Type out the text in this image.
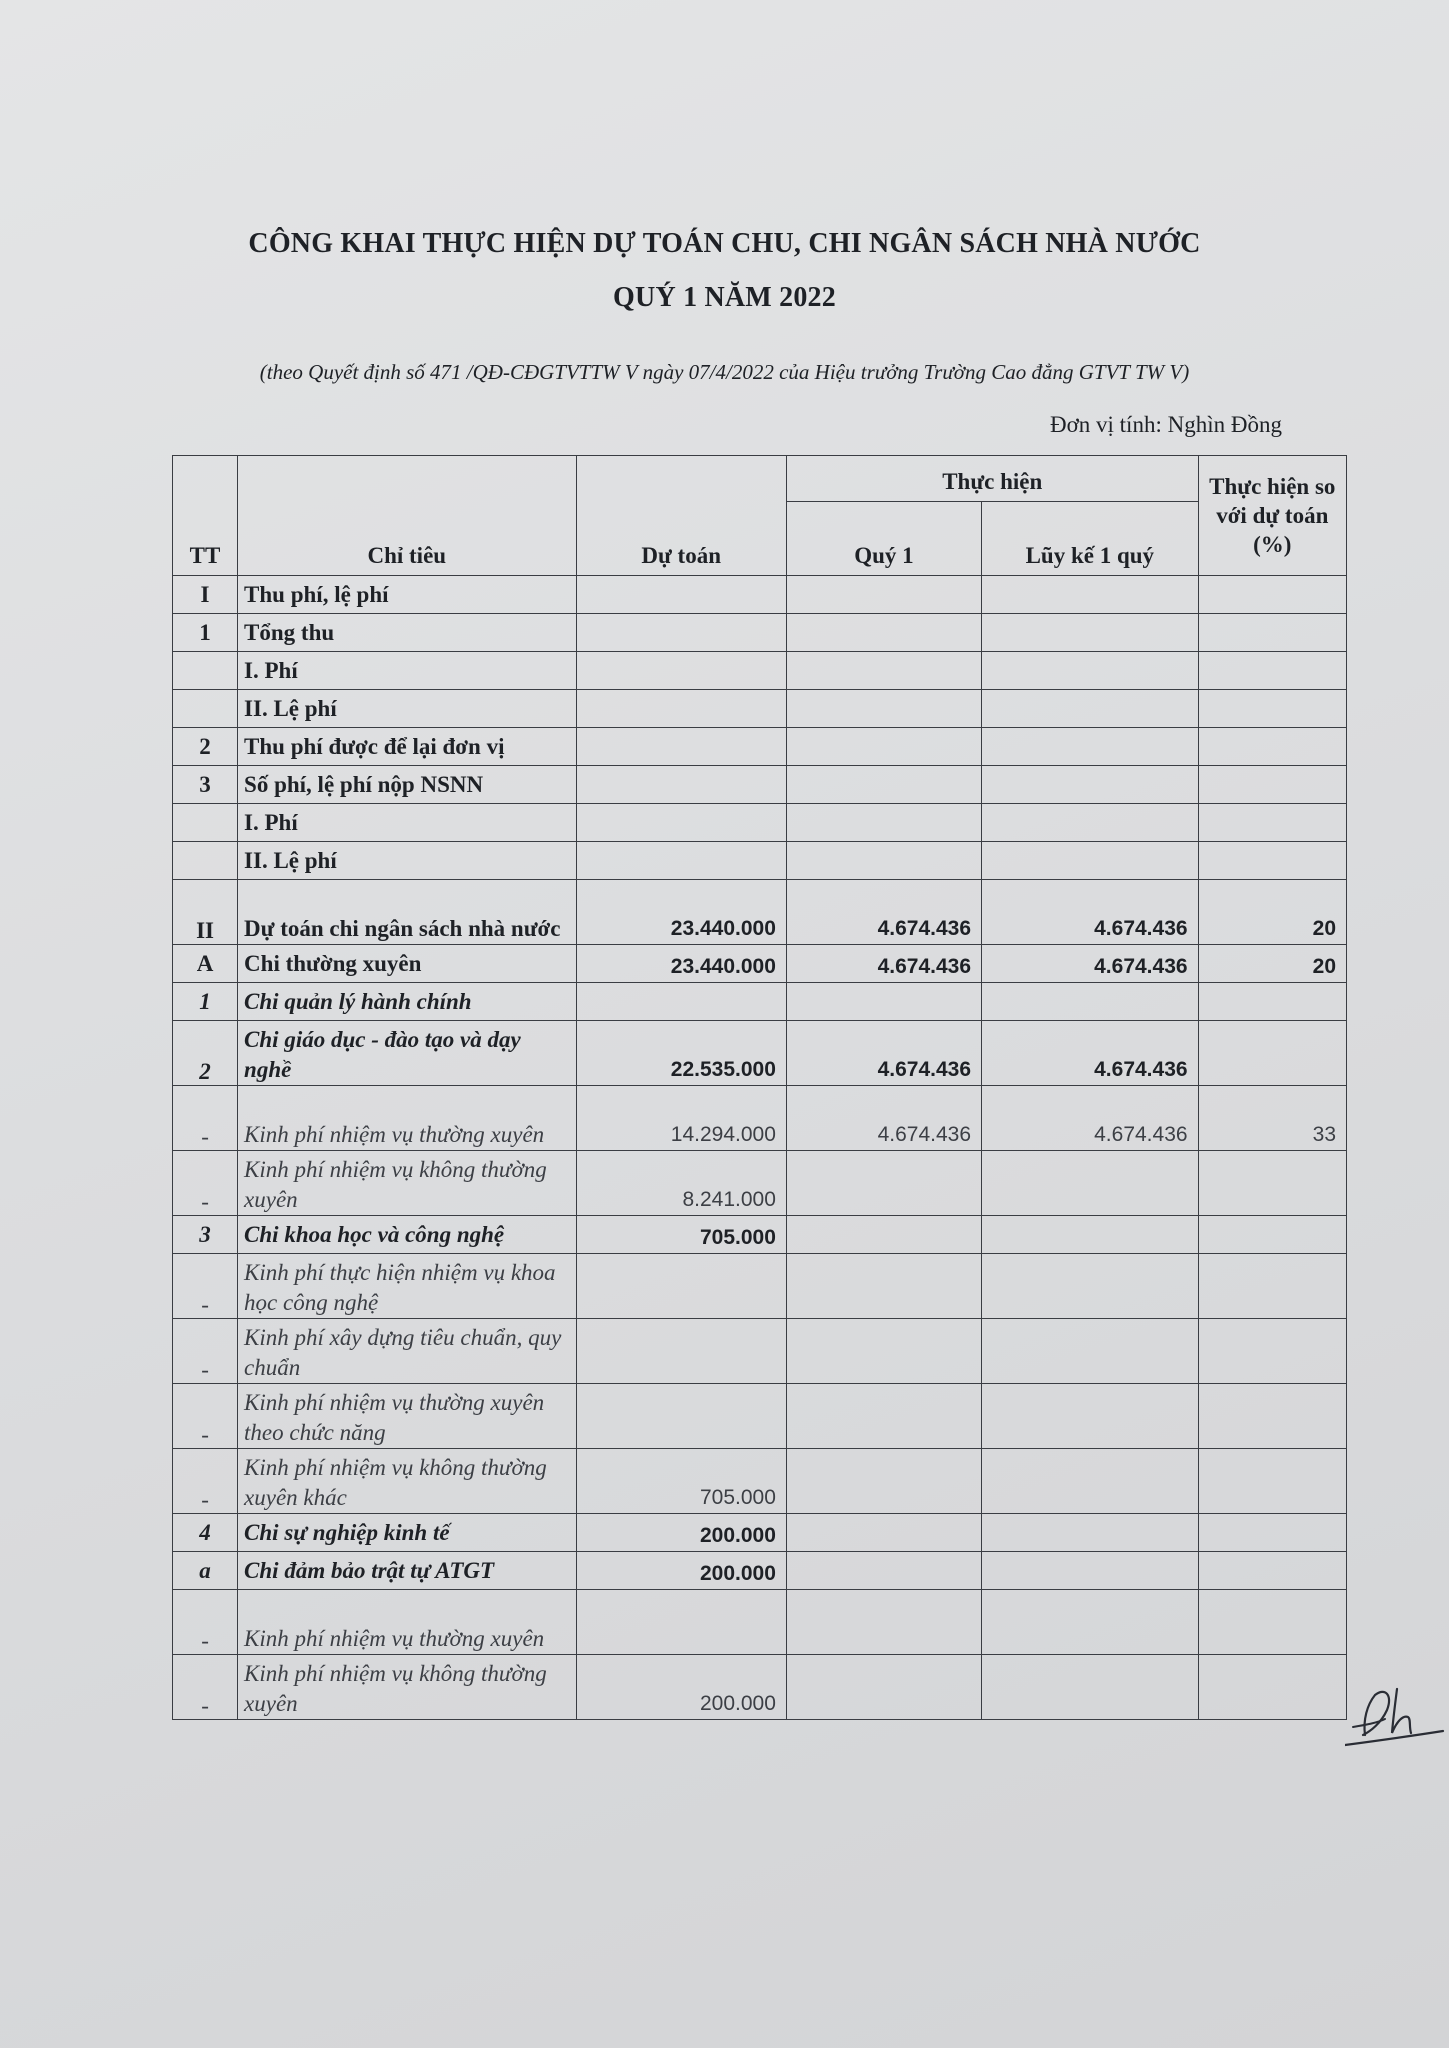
CÔNG KHAI THỰC HIỆN DỰ TOÁN CHU, CHI NGÂN SÁCH NHÀ NƯỚC
QUÝ 1 NĂM 2022
(theo Quyết định số 471 /QĐ-CĐGTVTTW V ngày 07/4/2022 của Hiệu trưởng Trường Cao đẳng GTVT TW V)
Đơn vị tính: Nghìn Đồng
TT	Chỉ tiêu	Dự toán	Thực hiện		Thực hiện so với dự toán (%)
			Quý 1	Lũy kế 1 quý	
I	Thu phí, lệ phí				
1	Tổng thu				
	I. Phí				
	II. Lệ phí				
2	Thu phí được để lại đơn vị				
3	Số phí, lệ phí nộp NSNN				
	I. Phí				
	II. Lệ phí				
II	Dự toán chi ngân sách nhà nước	23.440.000	4.674.436	4.674.436	20
A	Chi thường xuyên	23.440.000	4.674.436	4.674.436	20
1	Chi quản lý hành chính				
2	Chi giáo dục - đào tạo và dạy nghề	22.535.000	4.674.436	4.674.436	
-	Kinh phí nhiệm vụ thường xuyên	14.294.000	4.674.436	4.674.436	33
-	Kinh phí nhiệm vụ không thường xuyên	8.241.000			
3	Chi khoa học và công nghệ	705.000			
-	Kinh phí thực hiện nhiệm vụ khoa học công nghệ				
-	Kinh phí xây dựng tiêu chuẩn, quy chuẩn				
-	Kinh phí nhiệm vụ thường xuyên theo chức năng				
-	Kinh phí nhiệm vụ không thường xuyên khác	705.000			
4	Chi sự nghiệp kinh tế	200.000			
a	Chi đảm bảo trật tự ATGT	200.000			
-	Kinh phí nhiệm vụ thường xuyên				
-	Kinh phí nhiệm vụ không thường xuyên	200.000			
